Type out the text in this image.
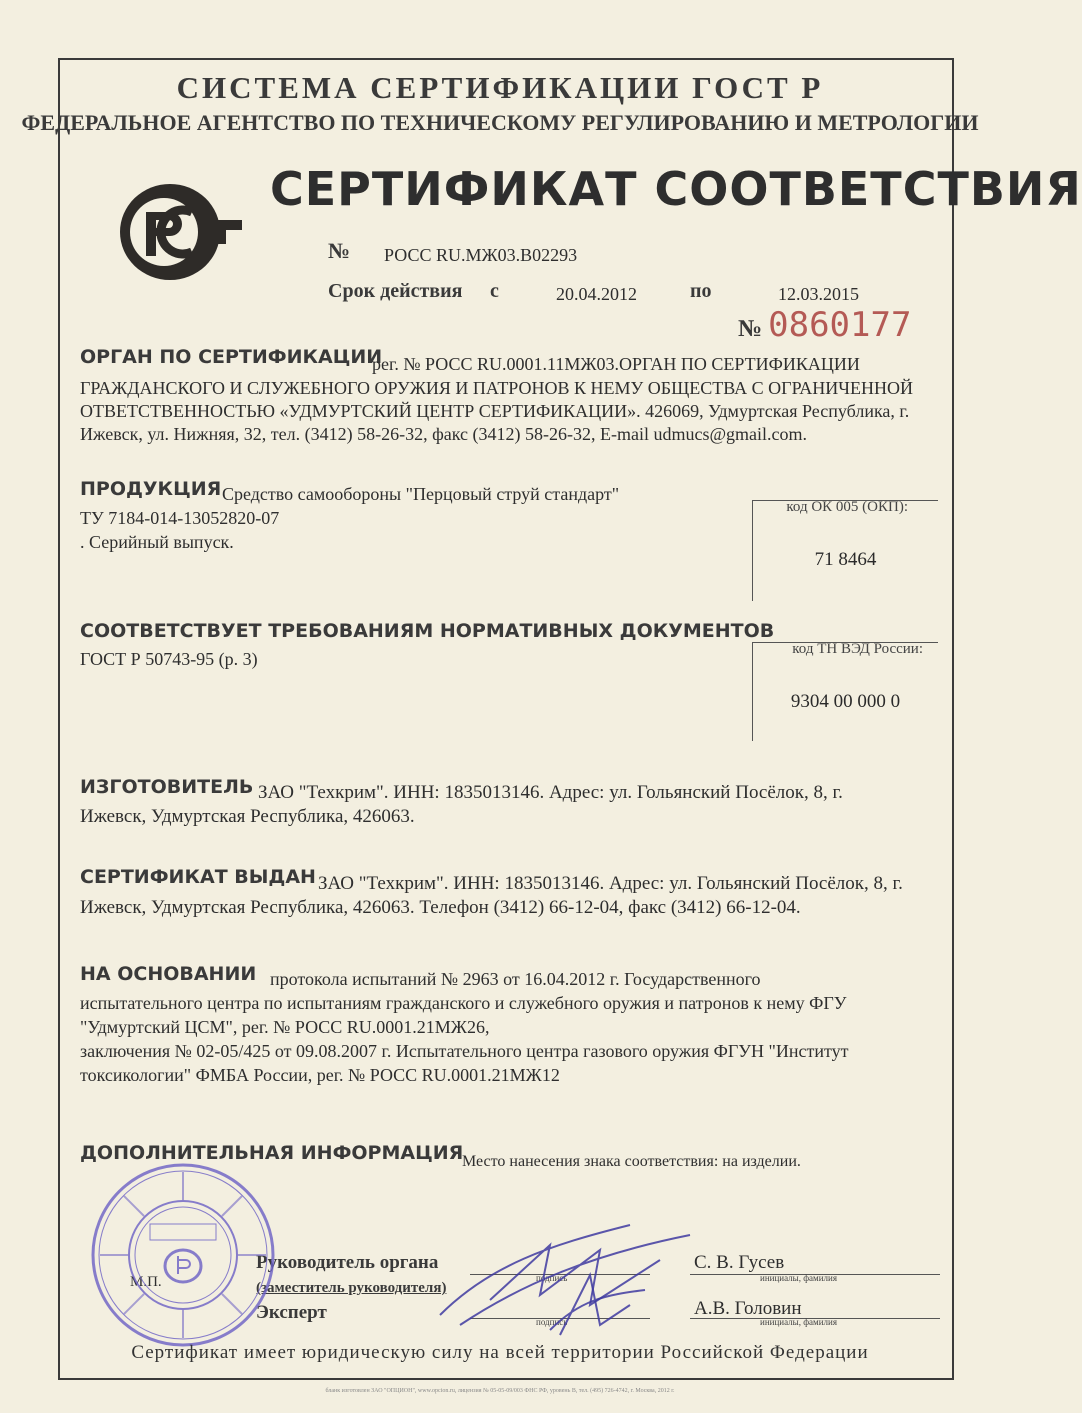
СИСТЕМА СЕРТИФИКАЦИИ ГОСТ Р
ФЕДЕРАЛЬНОЕ АГЕНТСТВО ПО ТЕХНИЧЕСКОМУ РЕГУЛИРОВАНИЮ И МЕТРОЛОГИИ
РСТ	СЕРТИФИКАТ СООТВЕТСТВИЯ
№ РОСС RU.МЖ03.В02293
Срок действия с	20.04.2012	по	12.03.2015
№ 0860177
ОРГАН ПО СЕРТИФИКАЦИИ
рег. № РОСС RU.0001.11МЖ03.ОРГАН ПО СЕРТИФИКАЦИИ
ГРАЖДАНСКОГО И СЛУЖЕБНОГО ОРУЖИЯ И ПАТРОНОВ К НЕМУ ОБЩЕСТВА С ОГРАНИЧЕННОЙ
ОТВЕТСТВЕННОСТЬЮ «УДМУРТСКИЙ ЦЕНТР СЕРТИФИКАЦИИ». 426069, Удмуртская Республика, г.
Ижевск, ул. Нижняя, 32, тел. (3412) 58-26-32, факс (3412) 58-26-32, E-mail udmucs@gmail.com.
ПРОДУКЦИЯ Средство самообороны "Перцовый струй стандарт"
ТУ 7184-014-13052820-07
. Серийный выпуск.
код ОК 005 (ОКП):
71 8464
СООТВЕТСТВУЕТ ТРЕБОВАНИЯМ НОРМАТИВНЫХ ДОКУМЕНТОВ
ГОСТ Р 50743-95 (р. 3)	код ТН ВЭД России:
9304 00 000 0
ИЗГОТОВИТЕЛЬ ЗАО "Техкрим". ИНН: 1835013146. Адрес: ул. Гольянский Посёлок, 8, г.
Ижевск, Удмуртская Республика, 426063.
СЕРТИФИКАТ ВЫДАН ЗАО "Техкрим". ИНН: 1835013146. Адрес: ул. Гольянский Посёлок, 8, г.
Ижевск, Удмуртская Республика, 426063. Телефон (3412) 66-12-04, факс (3412) 66-12-04.
НА ОСНОВАНИИ протокола испытаний № 2963 от 16.04.2012 г. Государственного
испытательного центра по испытаниям гражданского и служебного оружия и патронов к нему ФГУ
"Удмуртский ЦСМ", рег. № РОСС RU.0001.21МЖ26,
заключения № 02-05/425 от 09.08.2007 г. Испытательного центра газового оружия ФГУН "Институт
токсикологии" ФМБА России, рег. № РОСС RU.0001.21МЖ12
ДОПОЛНИТЕЛЬНАЯ ИНФОРМАЦИЯ
Место нанесения знака соответствия: на изделии.
Руководитель органа
(заместитель руководителя)
Эксперт
М.П.	подпись
подпись
инициалы, фамилия
инициалы, фамилия
С. В. Гусев
А.В. Головин
Сертификат имеет юридическую силу на всей территории Российской Федерации
бланк изготовлен ЗАО "ОПЦИОН", www.opcion.ru, лицензия № 05-05-09/003 ФНС РФ, уровень В, тел. (495) 726-4742, г. Москва, 2012 г.
